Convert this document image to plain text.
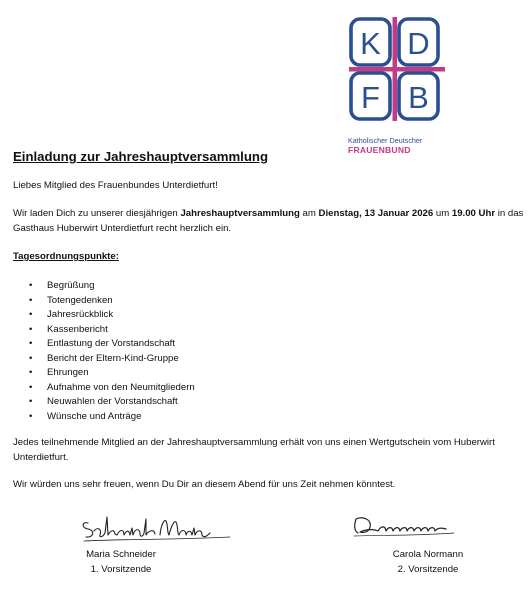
K D
F B
Katholischer Deutscher
FRAUENBUND
Einladung zur Jahreshauptversammlung
Liebes Mitglied des Frauenbundes Unterdietfurt!
Wir laden Dich zu unserer diesjährigen Jahreshauptversammlung am Dienstag, 13 Januar 2026 um 19.00 Uhr in das Gasthaus Huberwirt Unterdietfurt recht herzlich ein.
Tagesordnungspunkte:
• Begrüßung
• Totengedenken
• Jahresrückblick
• Kassenbericht
• Entlastung der Vorstandschaft
• Bericht der Eltern-Kind-Gruppe
• Ehrungen
• Aufnahme von den Neumitgliedern
• Neuwahlen der Vorstandschaft
• Wünsche und Anträge
Jedes teilnehmende Mitglied an der Jahreshauptversammlung erhält von uns einen Wertgutschein vom Huberwirt Unterdietfurt.
Wir würden uns sehr freuen, wenn Du Dir an diesem Abend für uns Zeit nehmen könntest.
Maria Schneider
1. Vorsitzende
Carola Normann
2. Vorsitzende
